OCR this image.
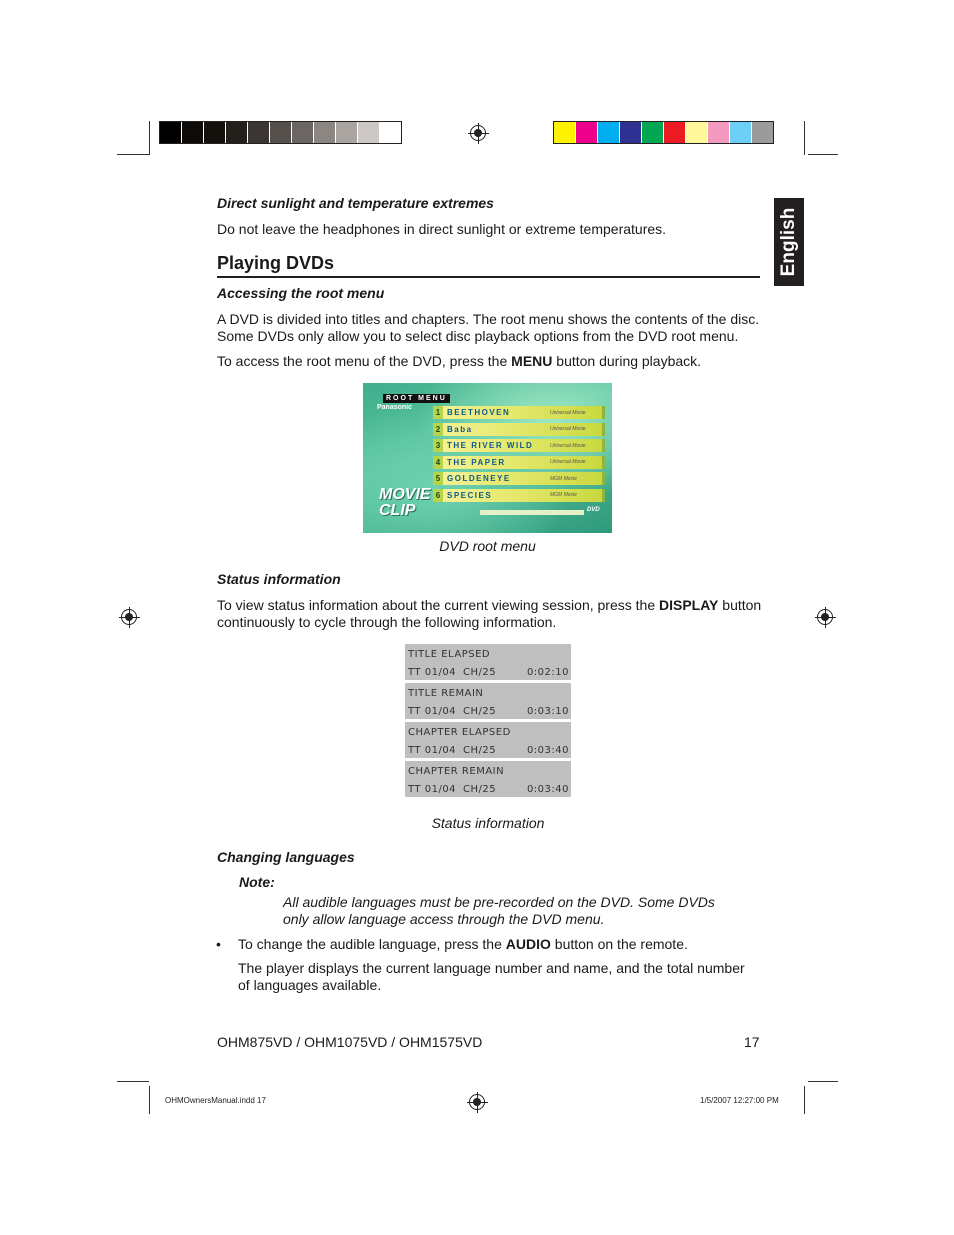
English
Direct sunlight and temperature extremes
Do not leave the headphones in direct sunlight or extreme temperatures.
Playing DVDs
Accessing the root menu
A DVD is divided into titles and chapters. The root menu shows the contents of the disc. Some DVDs only allow you to select disc playback options from the DVD root menu.
To access the root menu of the DVD, press the MENU button during playback.
ROOT MENU
Panasonic
1 BEETHOVEN	Universal Movie
2 Baba	Universal Movie
3 THE RIVER WILD	Universal Movie
4 THE PAPER	Universal Movie
5 GOLDENEYE	MGM Movie
6 SPECIES	MGM Movie
MOVIE
CLIP	DVD
DVD root menu
Status information
To view status information about the current viewing session, press the DISPLAY button continuously to cycle through the following information.
TITLE ELAPSED
TT 01/04 CH/25	0:02:10
TITLE REMAIN
TT 01/04 CH/25	0:03:10
CHAPTER ELAPSED
TT 01/04 CH/25	0:03:40
CHAPTER REMAIN
TT 01/04 CH/25	0:03:40
Status information
Changing languages
Note:
All audible languages must be pre-recorded on the DVD. Some DVDs only allow language access through the DVD menu.
• To change the audible language, press the AUDIO button on the remote.
The player displays the current language number and name, and the total number of languages available.
OHM875VD / OHM1075VD / OHM1575VD	17
OHMOwnersManual.indd 17	1/5/2007 12:27:00 PM
